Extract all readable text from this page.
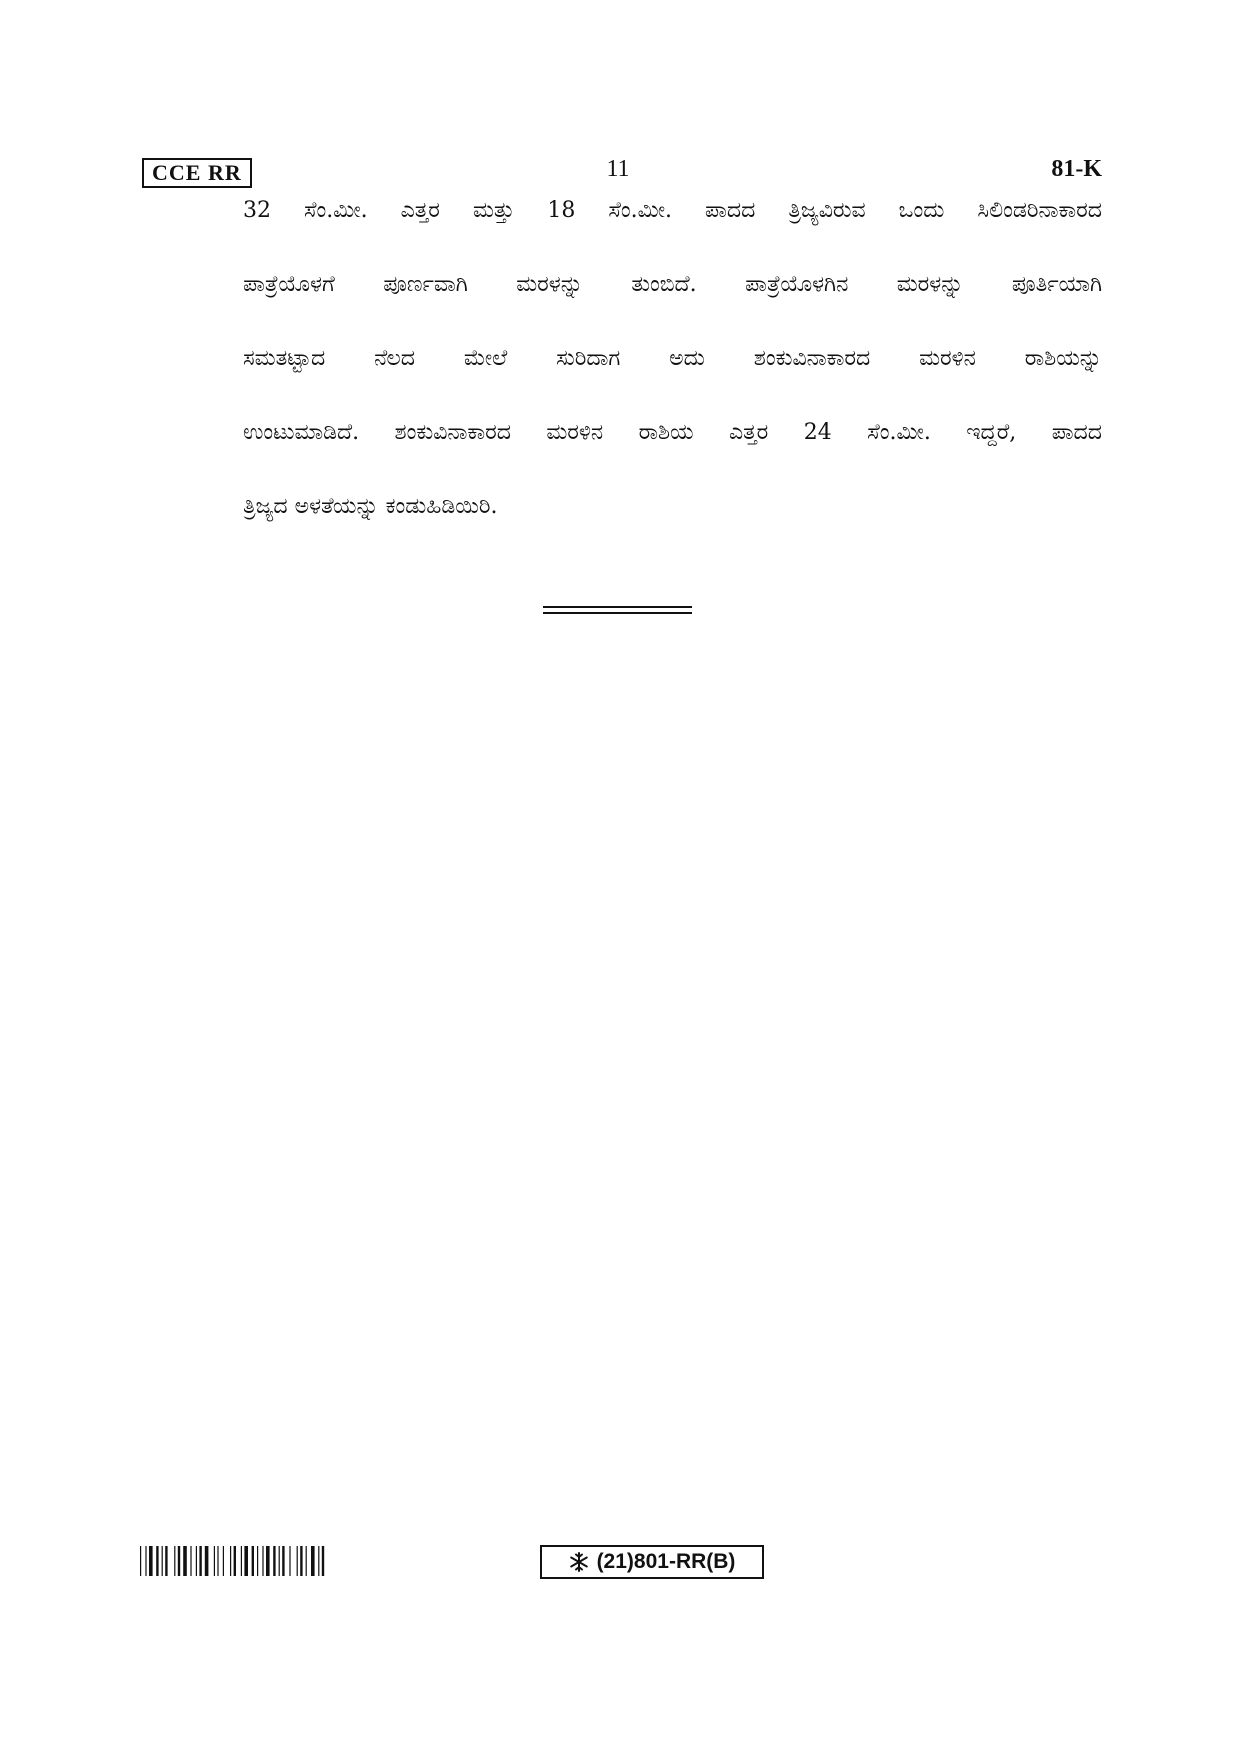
CCE RR	11	81-K
32 ಸೆಂ.ಮೀ. ಎತ್ತರ ಮತ್ತು 18 ಸೆಂ.ಮೀ. ಪಾದದ ತ್ರಿಜ್ಯವಿರುವ ಒಂದು ಸಿಲಿಂಡರಿನಾಕಾರದ
ಪಾತ್ರೆಯೊಳಗೆ ಪೂರ್ಣವಾಗಿ ಮರಳನ್ನು ತುಂಬಿದೆ. ಪಾತ್ರೆಯೊಳಗಿನ ಮರಳನ್ನು ಪೂರ್ತಿಯಾಗಿ
ಸಮತಟ್ಟಾದ ನೆಲದ ಮೇಲೆ ಸುರಿದಾಗ ಅದು ಶಂಕುವಿನಾಕಾರದ ಮರಳಿನ ರಾಶಿಯನ್ನು
ಉಂಟುಮಾಡಿದೆ. ಶಂಕುವಿನಾಕಾರದ ಮರಳಿನ ರಾಶಿಯ ಎತ್ತರ 24 ಸೆಂ.ಮೀ. ಇದ್ದರೆ, ಪಾದದ
ತ್ರಿಜ್ಯದ ಅಳತೆಯನ್ನು ಕಂಡುಹಿಡಿಯಿರಿ.
(21)801-RR(B)
